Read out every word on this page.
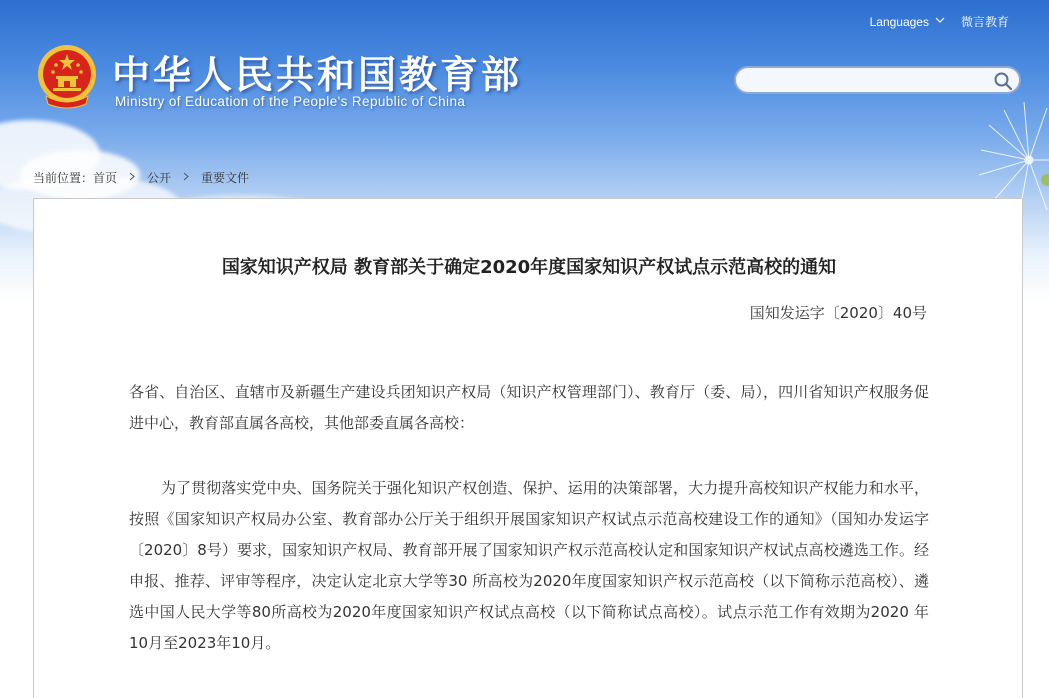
中华人民共和国教育部
Ministry of Education of the People's Republic of China
Languages	微言教育
当前位置： 首页	公开	重要文件
国家知识产权局 教育部关于确定2020年度国家知识产权试点示范高校的通知
国知发运字〔2020〕40号
各省、自治区、直辖市及新疆生产建设兵团知识产权局（知识产权管理部门）、教育厅（委、局），四川省知识产权服务促进中心，教育部直属各高校，其他部委直属各高校：
为了贯彻落实党中央、国务院关于强化知识产权创造、保护、运用的决策部署，大力提升高校知识产权能力和水平，按照《国家知识产权局办公室、教育部办公厅关于组织开展国家知识产权试点示范高校建设工作的通知》（国知办发运字〔2020〕8号）要求，国家知识产权局、教育部开展了国家知识产权示范高校认定和国家知识产权试点高校遴选工作。经申报、推荐、评审等程序，决定认定北京大学等30 所高校为2020年度国家知识产权示范高校（以下简称示范高校）、遴选中国人民大学等80所高校为2020年度国家知识产权试点高校（以下简称试点高校）。试点示范工作有效期为2020 年10月至2023年10月。
